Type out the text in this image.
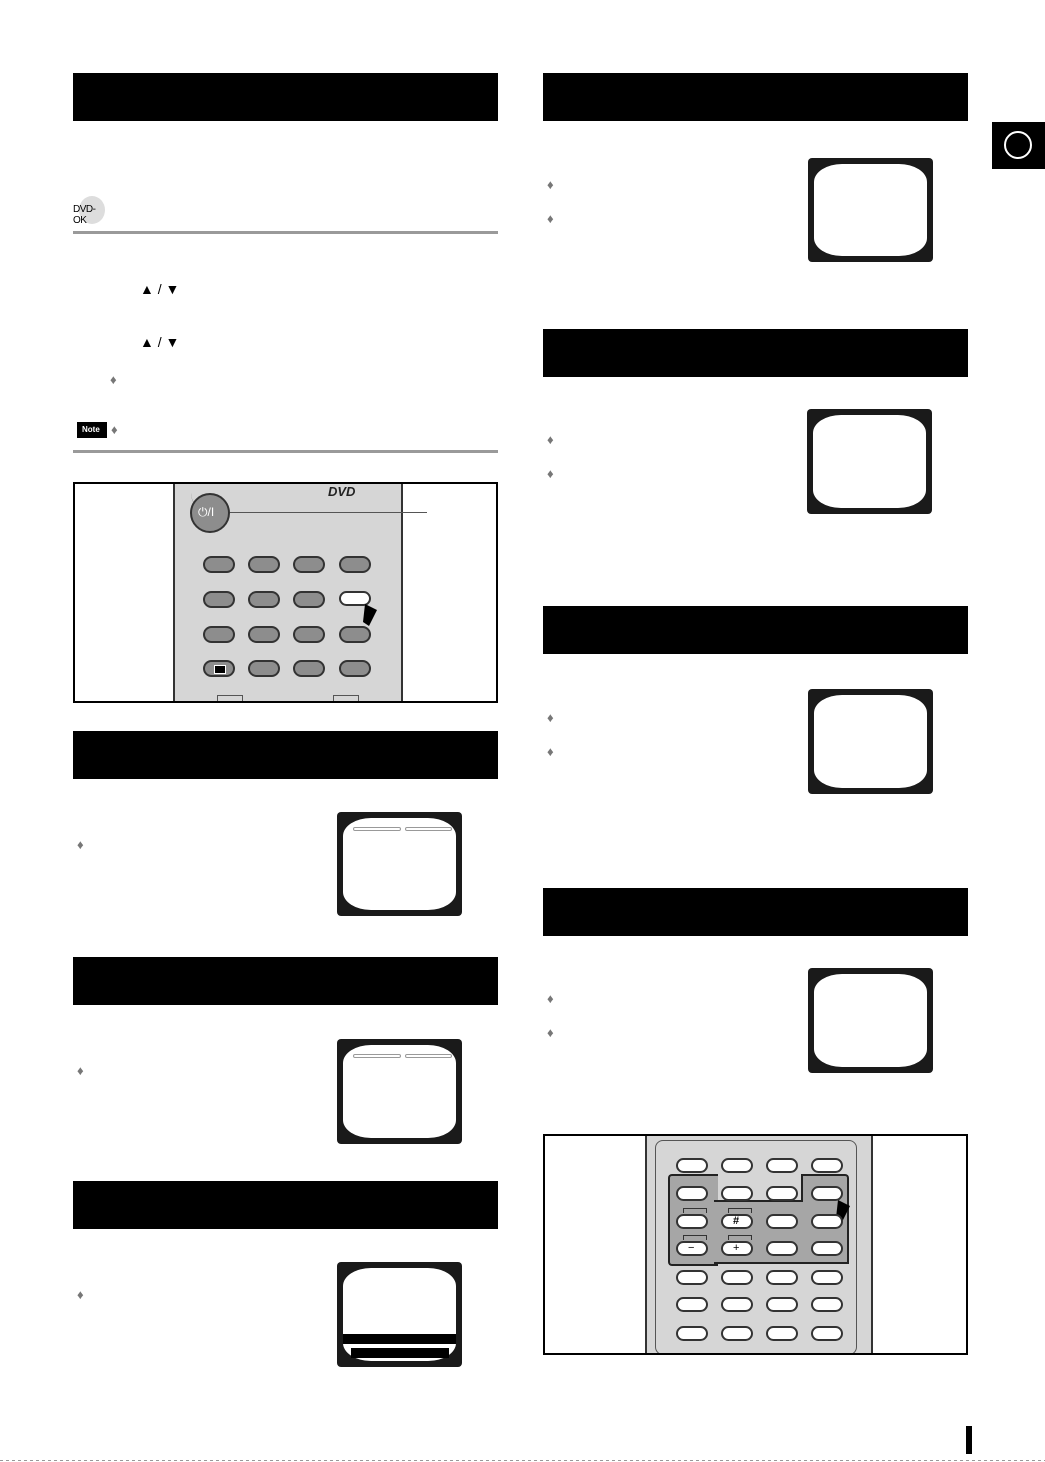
DVD-OK
▲ / ▼
▲ / ▼
♦
Note ♦
DVD
⏻/I
♦
♦
♦
♦
♦
♦
♦
♦
♦
♦
♦
#
−	+
